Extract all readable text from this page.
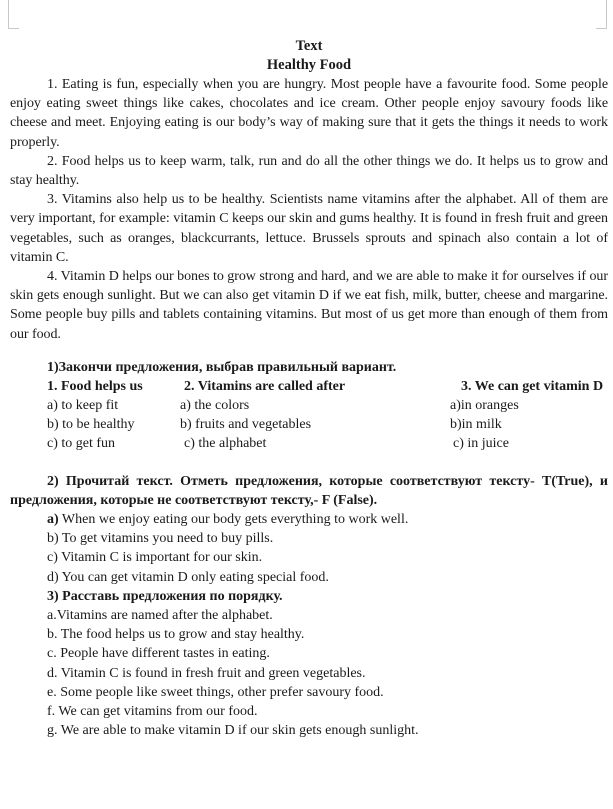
Text
Healthy Food

1. Eating is fun, especially when you are hungry. Most people have a favourite food. Some people enjoy eating sweet things like cakes, chocolates and ice cream. Other people enjoy savoury foods like cheese and meet. Enjoying eating is our body’s way of making sure that it gets the things it needs to work properly.

2. Food helps us to keep warm, talk, run and do all the other things we do. It helps us to grow and stay healthy.

3. Vitamins also help us to be healthy. Scientists name vitamins after the alphabet. All of them are very important, for example: vitamin C keeps our skin and gums healthy. It is found in fresh fruit and green vegetables, such as oranges, blackcurrants, lettuce. Brussels sprouts and spinach also contain a lot of vitamin C.

4. Vitamin D helps our bones to grow strong and hard, and we are able to make it for ourselves if our skin gets enough sunlight. But we can also get vitamin D if we eat fish, milk, butter, cheese and margarine. Some people buy pills and tablets containing vitamins. But most of us get more than enough of them from our food.

1)Закончи предложения, выбрав правильный вариант.
1. Food helps us	2. Vitamins are called after	3. We can get vitamin D
a) to keep fit	a) the colors	a)in oranges
b) to be healthy	b) fruits and vegetables	b)in milk
c) to get fun	c) the alphabet	c) in juice
2) Прочитай текст. Отметь предложения, которые соответствуют тексту- T(True), и предложения, которые не соответствуют тексту,- F (False).
a) When we enjoy eating our body gets everything to work well.
b) To get vitamins you need to buy pills.
c) Vitamin C is important for our skin.
d) You can get vitamin D only eating special food.
3) Расставь предложения по порядку.
a.Vitamins are named after the alphabet.
b. The food helps us to grow and stay healthy.
c. People have different tastes in eating.
d. Vitamin C is found in fresh fruit and green vegetables.
e. Some people like sweet things, other prefer savoury food.
f. We can get vitamins from our food.
g. We are able to make vitamin D if our skin gets enough sunlight.
